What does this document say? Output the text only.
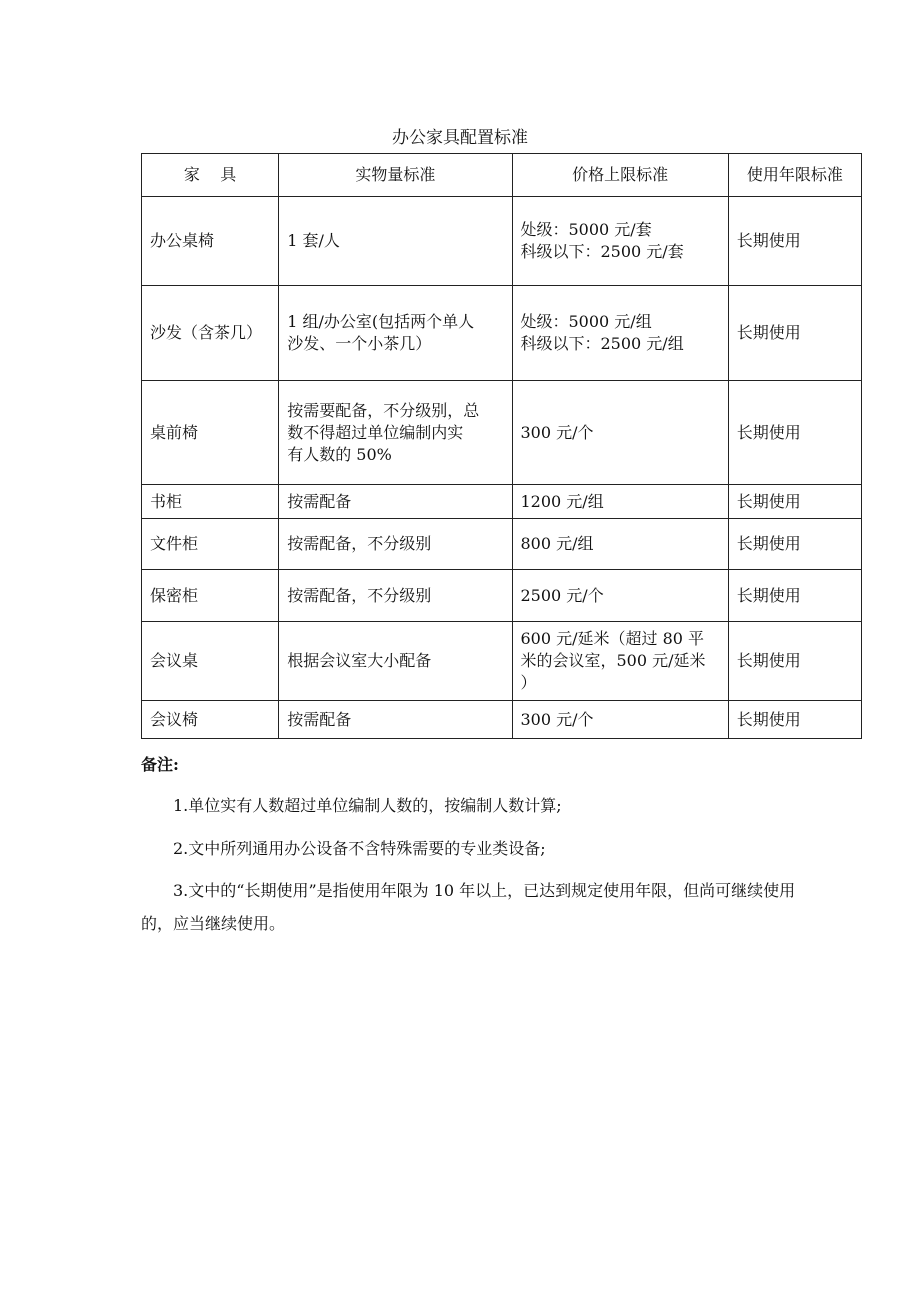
办公家具配置标准
家    具	实物量标准	价格上限标准	使用年限标准
办公桌椅	1 套/人	处级：5000 元/套
科级以下：2500 元/套	长期使用
沙发（含茶几）	1 组/办公室(包括两个单人
沙发、一个小茶几）	处级：5000 元/组
科级以下：2500 元/组	长期使用
桌前椅	按需要配备，不分级别，总
数不得超过单位编制内实
有人数的 50%	300 元/个	长期使用
书柜	按需配备	1200 元/组	长期使用
文件柜	按需配备，不分级别	800 元/组	长期使用
保密柜	按需配备，不分级别	2500 元/个	长期使用
会议桌	根据会议室大小配备	600 元/延米（超过 80 平
米的会议室，500 元/延米
）	长期使用
会议椅	按需配备	300 元/个	长期使用
备注:
1.单位实有人数超过单位编制人数的，按编制人数计算;
2.文中所列通用办公设备不含特殊需要的专业类设备;
3.文中的“长期使用”是指使用年限为 10 年以上，已达到规定使用年限，但尚可继续使用的，应当继续使用。
